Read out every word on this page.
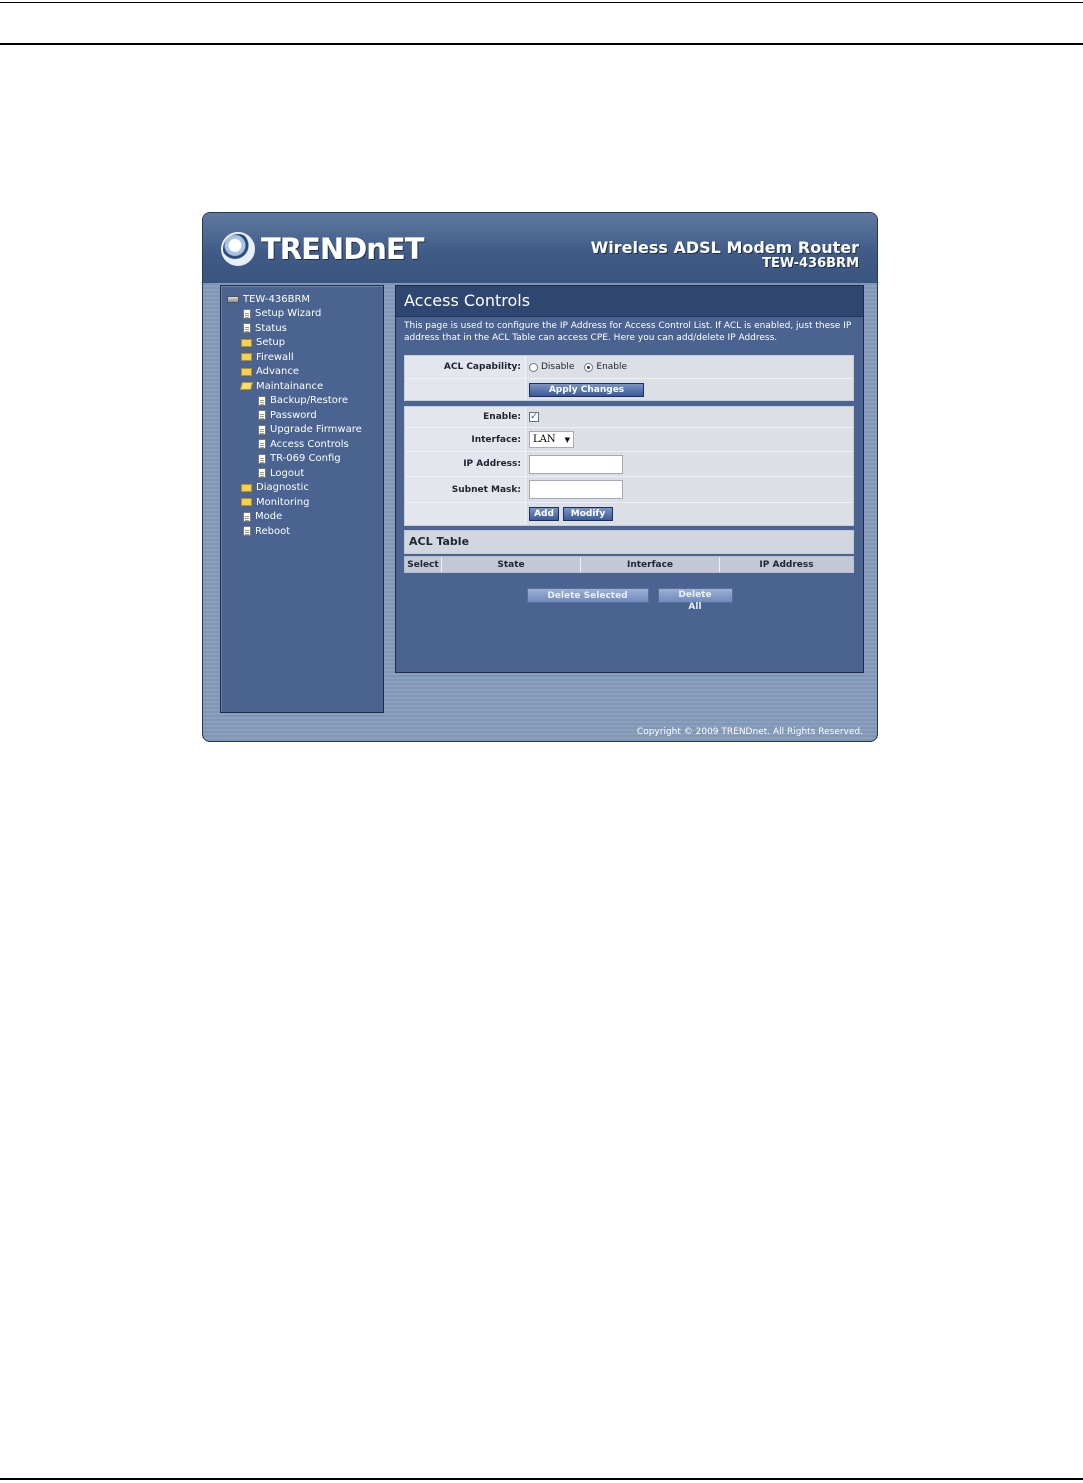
TRENDnET	Wireless ADSL Modem Router
TEW-436BRM
TEW-436BRM
Setup Wizard
Status
Setup
Firewall
Advance
Maintainance
Backup/Restore
Password
Upgrade Firmware
Access Controls
TR-069 Config
Logout
Diagnostic
Monitoring
Mode
Reboot
Access Controls
This page is used to configure the IP Address for Access Control List. If ACL is enabled, just these IP address that in the ACL Table can access CPE. Here you can add/delete IP Address.
ACL Capability:	Disable Enable
Apply Changes
Enable:	✓
Interface:	LAN ▼
IP Address:
Subnet Mask:
Add	Modify
ACL Table
Select	State	Interface	IP Address
Delete Selected	Delete All
Copyright © 2009 TRENDnet. All Rights Reserved.
